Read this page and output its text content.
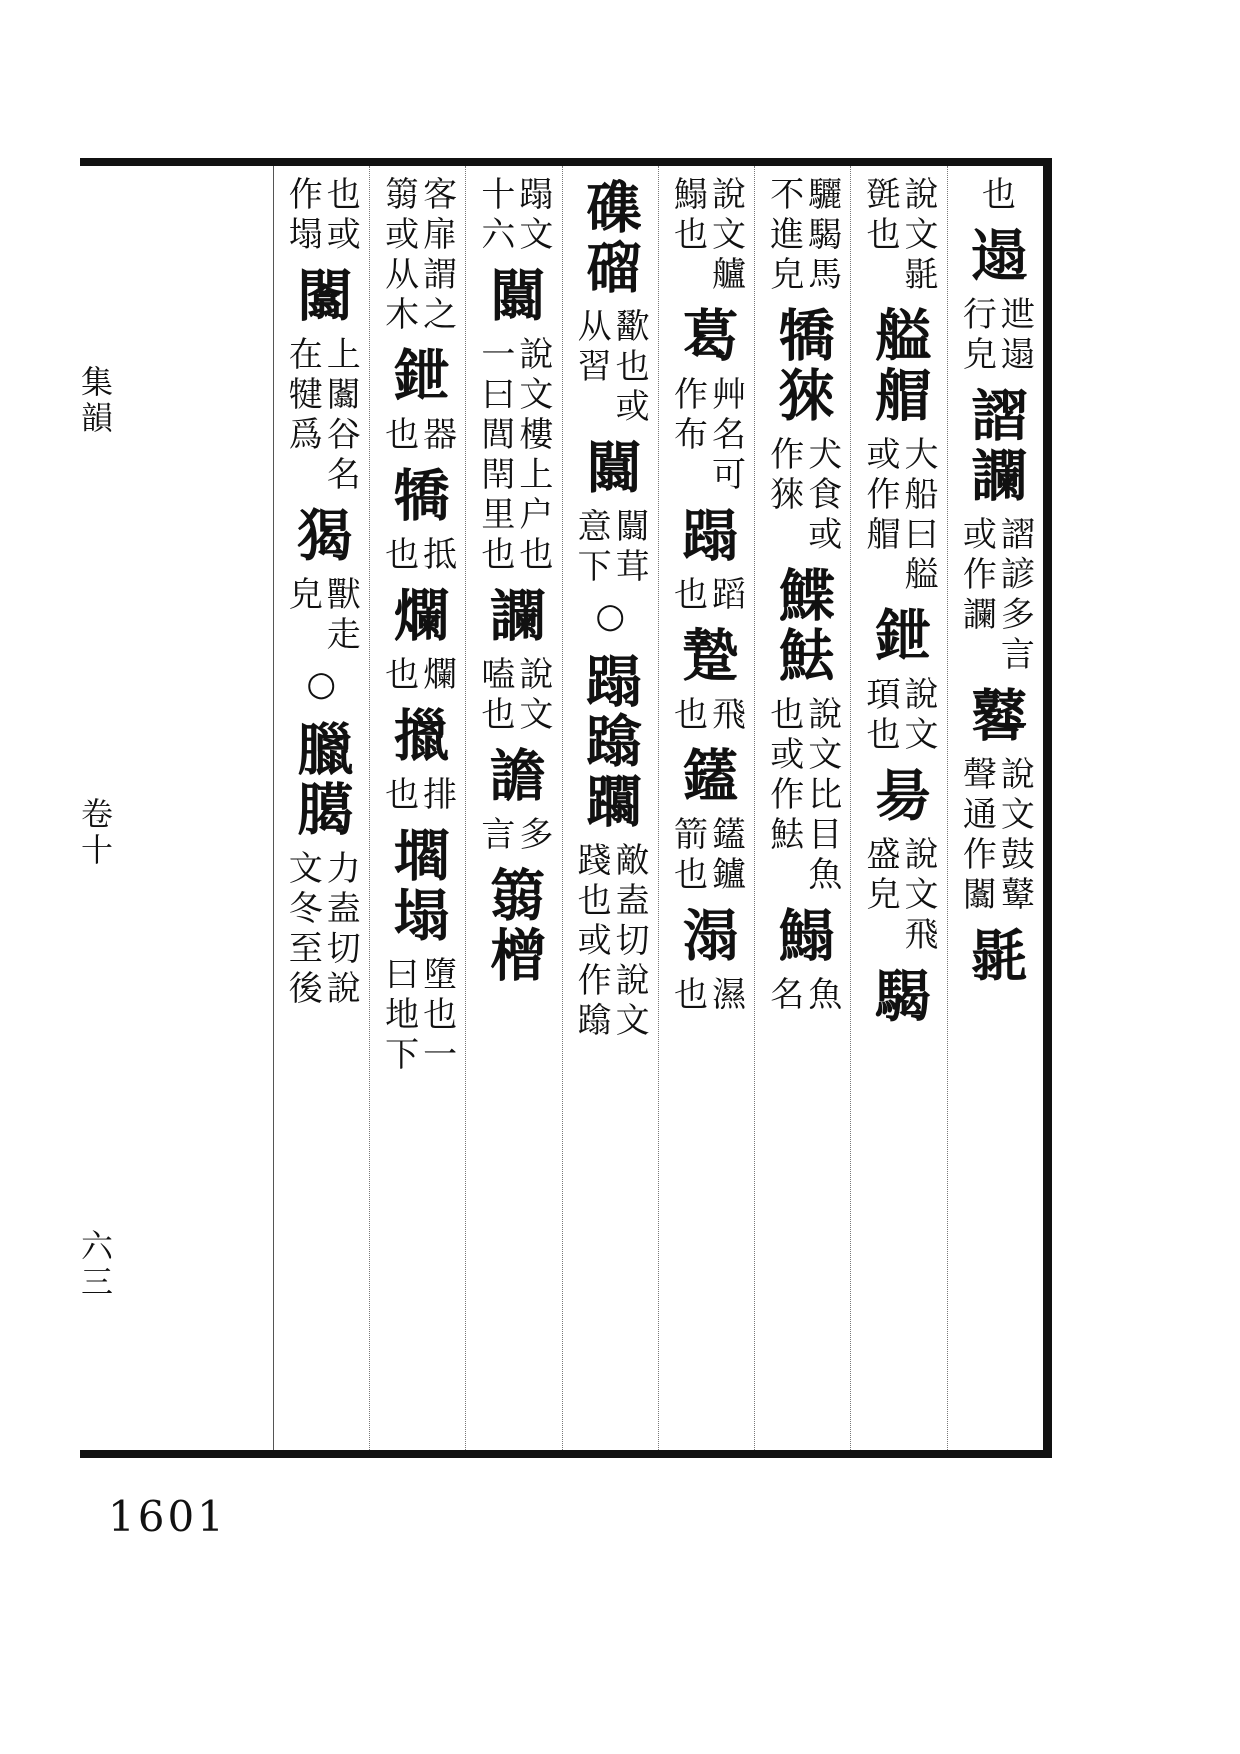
也
遢
迣遢
行皃
謵讕
謵諺多言
或作讕
鼛
說文鼓鼙
聲通作闟
毾
說文毾
㲪也
艗艒
大船曰艗
或作艒
鉪
說文
頊也
昜
說文飛
盛皃
騔
驪騔馬
不進皃
犞猍
犬食或
作猍
鰈魼
說文比目魚
也或作魼
鰨
魚
名
說文艫
鰨也
葛
艸名可
作布
蹋
蹈
也
䠟
飛
也
鑉
鑉鑪
箭也
溻
濕
也
磼磂
歠也或
从習
闒
闒茸
意下
○
蹋蹹躢
敵盍切說文
踐也或作蹹
蹋文
十六
闒
說文樓上户也
一曰閭閈里也
讕
說文
嗑也
譫
多
言
篛橧
客扉謂之
篛或从木
鉪
器
也
犞
抵
也
爛
爛
也
擸
排
也
壛塌
墮也一
曰地下
也或
作塌
闟
上闟谷名
在犍爲
猲
獸走
皃
○
臘臈
力盍切說
文冬至後
集韻
卷十
六三
1601
